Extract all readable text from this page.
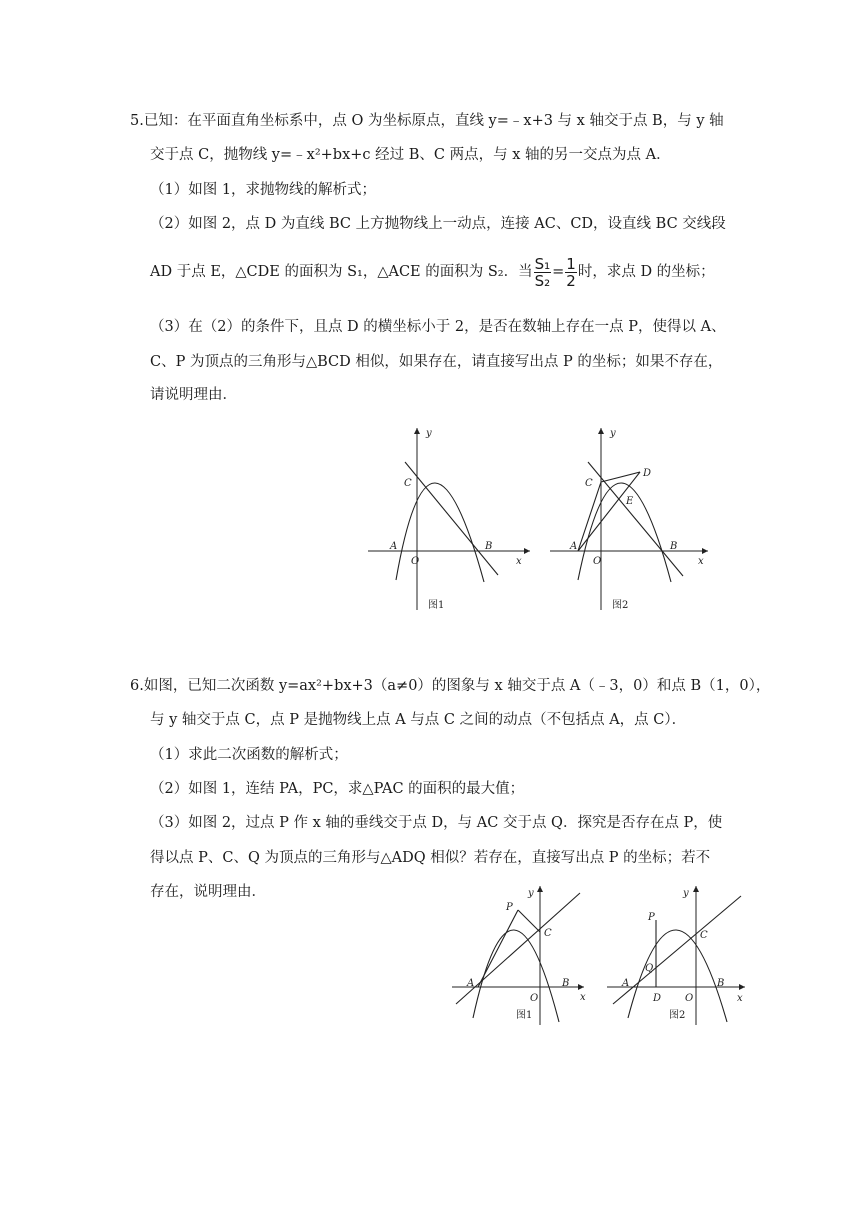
5.已知：在平面直角坐标系中，点 O 为坐标原点，直线 y=﹣x+3 与 x 轴交于点 B，与 y 轴
交于点 C，抛物线 y=﹣x²+bx+c 经过 B、C 两点，与 x 轴的另一交点为点 A．
（1）如图 1，求抛物线的解析式；
（2）如图 2，点 D 为直线 BC 上方抛物线上一动点，连接 AC、CD，设直线 BC 交线段
AD 于点 E，△CDE 的面积为 S₁，△ACE 的面积为 S₂．当 $\frac{\text{S₁}}{\text{S₂}} = \frac{1}{2}$ 时，求点 D 的坐标；
（3）在（2）的条件下，且点 D 的横坐标小于 2，是否在数轴上存在一点 P，使得以 A、
C、P 为顶点的三角形与△BCD 相似，如果存在，请直接写出点 P 的坐标；如果不存在，
请说明理由．
y
x
C
A
O
B
图1
y
x
C
D
E
A
O
B
图2
6.如图，已知二次函数 y=ax²+bx+3（a≠0）的图象与 x 轴交于点 A（﹣3，0）和点 B（1，0），
与 y 轴交于点 C，点 P 是抛物线上点 A 与点 C 之间的动点（不包括点 A，点 C）．
（1）求此二次函数的解析式；
（2）如图 1，连结 PA，PC，求△PAC 的面积的最大值；
（3）如图 2，过点 P 作 x 轴的垂线交于点 D，与 AC 交于点 Q．探究是否存在点 P，使
得以点 P、C、Q 为顶点的三角形与△ADQ 相似？若存在，直接写出点 P 的坐标；若不
存在，说明理由．	y
x
P
C
A
O
B
图1
y
x
P
C
Q
A
D O
B
图2
